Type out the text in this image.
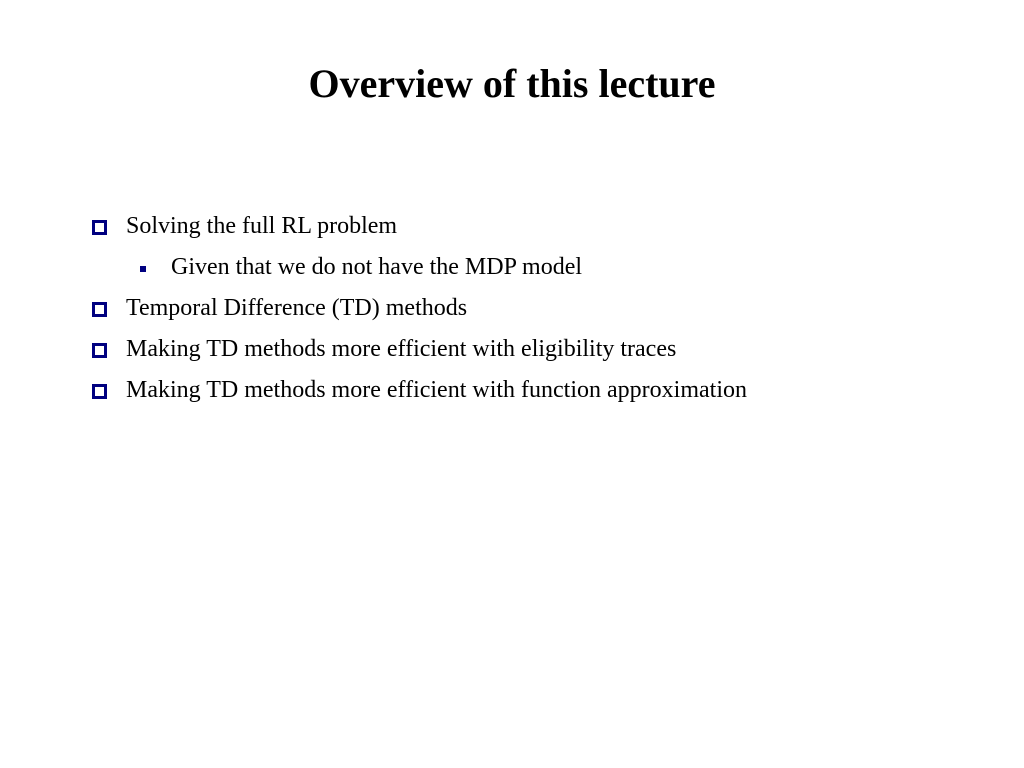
Overview of this lecture
Solving the full RL problem
Given that we do not have the MDP model
Temporal Difference (TD) methods
Making TD methods more efficient with eligibility traces
Making TD methods more efficient with function approximation
